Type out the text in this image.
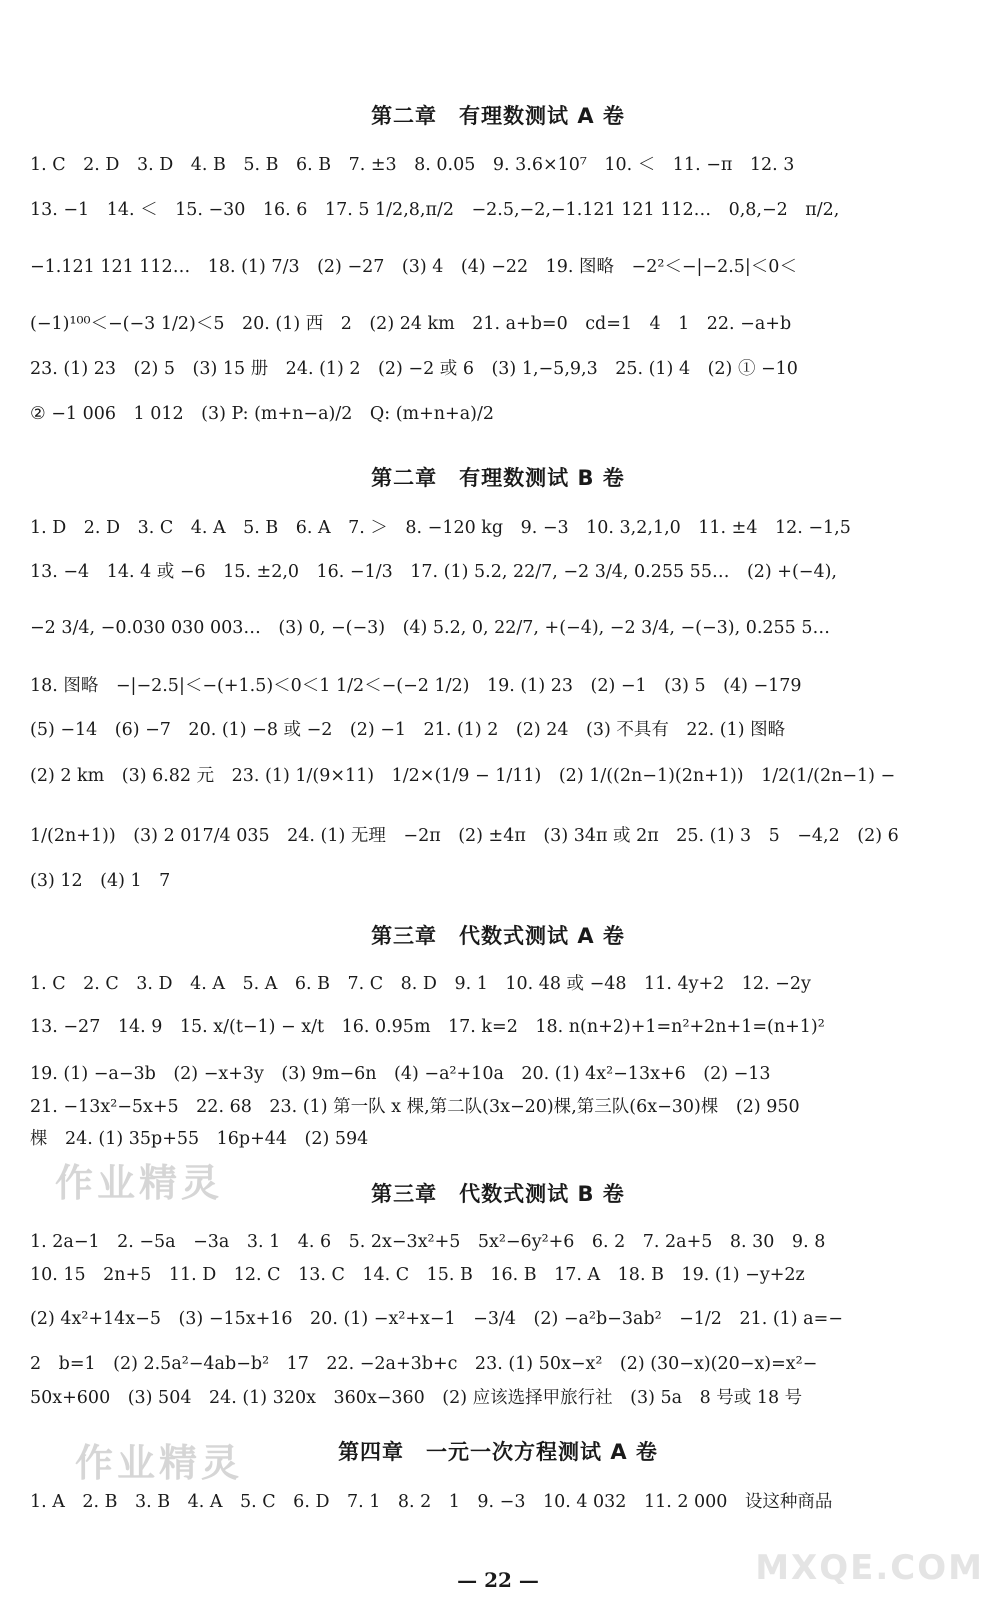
第二章　有理数测试 A 卷
1. C　2. D　3. D　4. B　5. B　6. B　7. ±3　8. 0.05　9. 3.6×10⁷　10. ＜　11. −π　12. 3
13. −1　14. ＜　15. −30　16. 6　17. 5 1/2,8,π/2　−2.5,−2,−1.121 121 112…　0,8,−2　π/2,
−1.121 121 112…　18. (1) 7/3　(2) −27　(3) 4　(4) −22　19. 图略　−2²＜−|−2.5|＜0＜
(−1)¹⁰⁰＜−(−3 1/2)＜5　20. (1) 西　2　(2) 24 km　21. a+b=0　cd=1　4　1　22. −a+b
23. (1) 23　(2) 5　(3) 15 册　24. (1) 2　(2) −2 或 6　(3) 1,−5,9,3　25. (1) 4　(2) ① −10
② −1 006　1 012　(3) P: (m+n−a)/2　Q: (m+n+a)/2
第二章　有理数测试 B 卷
1. D　2. D　3. C　4. A　5. B　6. A　7. ＞　8. −120 kg　9. −3　10. 3,2,1,0　11. ±4　12. −1,5
13. −4　14. 4 或 −6　15. ±2,0　16. −1/3　17. (1) 5.2, 22/7, −2 3/4, 0.255 55…　(2) +(−4),
−2 3/4, −0.030 030 003…　(3) 0, −(−3)　(4) 5.2, 0, 22/7, +(−4), −2 3/4, −(−3), 0.255 5…
18. 图略　−|−2.5|＜−(+1.5)＜0＜1 1/2＜−(−2 1/2)　19. (1) 23　(2) −1　(3) 5　(4) −179
(5) −14　(6) −7　20. (1) −8 或 −2　(2) −1　21. (1) 2　(2) 24　(3) 不具有　22. (1) 图略
(2) 2 km　(3) 6.82 元　23. (1) 1/(9×11)　1/2×(1/9 − 1/11)　(2) 1/((2n−1)(2n+1))　1/2(1/(2n−1) −
1/(2n+1))　(3) 2 017/4 035　24. (1) 无理　−2π　(2) ±4π　(3) 34π 或 2π　25. (1) 3　5　−4,2　(2) 6
(3) 12　(4) 1　7
第三章　代数式测试 A 卷
1. C　2. C　3. D　4. A　5. A　6. B　7. C　8. D　9. 1　10. 48 或 −48　11. 4y+2　12. −2y
13. −27　14. 9　15. x/(t−1) − x/t　16. 0.95m　17. k=2　18. n(n+2)+1=n²+2n+1=(n+1)²
19. (1) −a−3b　(2) −x+3y　(3) 9m−6n　(4) −a²+10a　20. (1) 4x²−13x+6　(2) −13
21. −13x²−5x+5　22. 68　23. (1) 第一队 x 棵,第二队(3x−20)棵,第三队(6x−30)棵　(2) 950
棵　24. (1) 35p+55　16p+44　(2) 594
第三章　代数式测试 B 卷
1. 2a−1　2. −5a　−3a　3. 1　4. 6　5. 2x−3x²+5　5x²−6y²+6　6. 2　7. 2a+5　8. 30　9. 8
10. 15　2n+5　11. D　12. C　13. C　14. C　15. B　16. B　17. A　18. B　19. (1) −y+2z
(2) 4x²+14x−5　(3) −15x+16　20. (1) −x²+x−1　−3/4　(2) −a²b−3ab²　−1/2　21. (1) a=−
2　b=1　(2) 2.5a²−4ab−b²　17　22. −2a+3b+c　23. (1) 50x−x²　(2) (30−x)(20−x)=x²−
50x+600　(3) 504　24. (1) 320x　360x−360　(2) 应该选择甲旅行社　(3) 5a　8 号或 18 号
第四章　一元一次方程测试 A 卷
1. A　2. B　3. B　4. A　5. C　6. D　7. 1　8. 2　1　9. −3　10. 4 032　11. 2 000　设这种商品
— 22 —
作业精灵
作业精灵
MXQE.COM
